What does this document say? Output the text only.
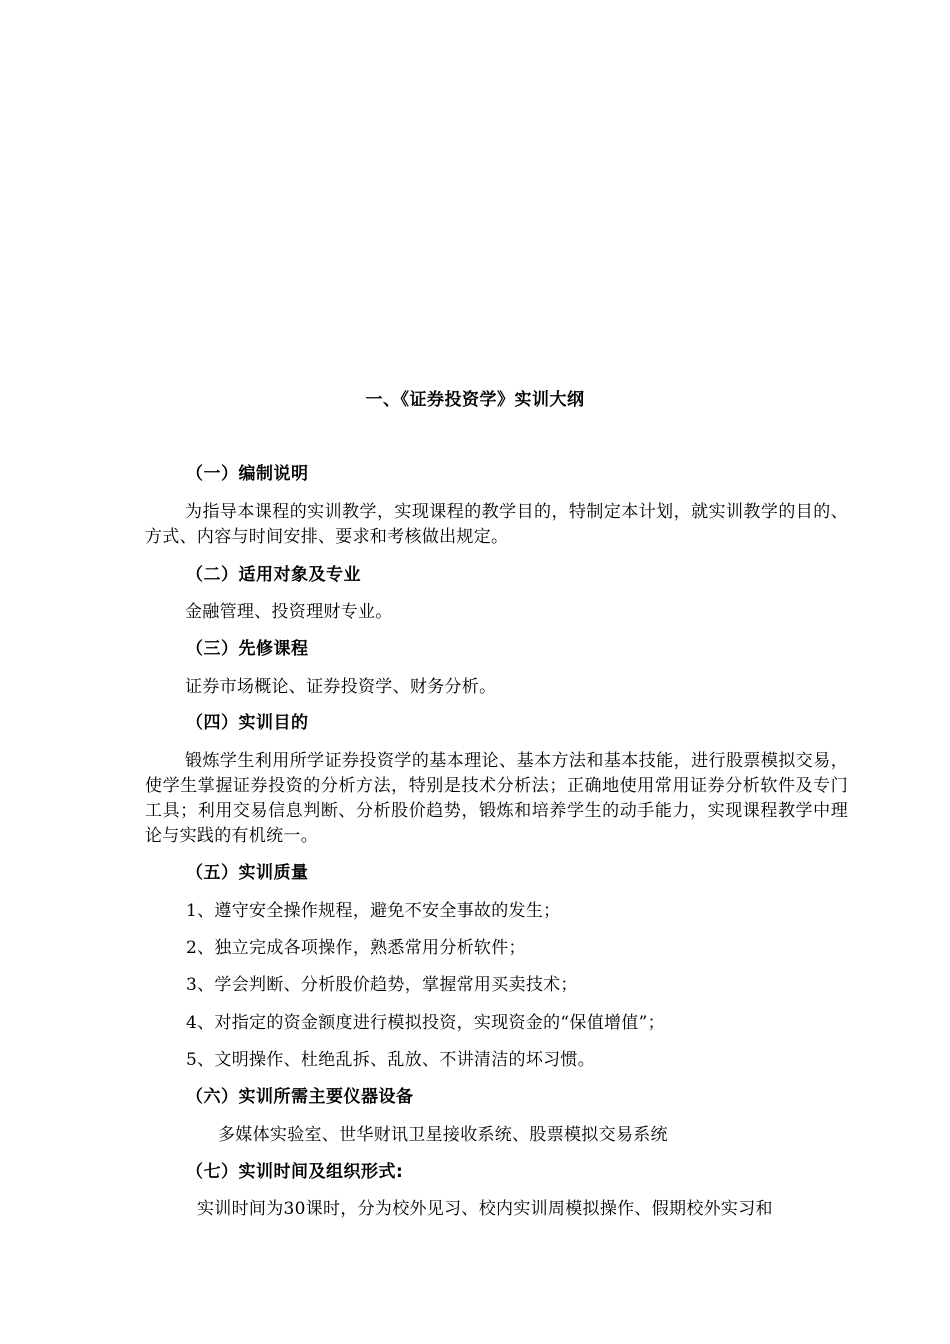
一、《证券投资学》实训大纲
（一）编制说明
为指导本课程的实训教学，实现课程的教学目的，特制定本计划，就实训教学的目的、方式、内容与时间安排、要求和考核做出规定。
（二）适用对象及专业
金融管理、投资理财专业。
（三）先修课程
证券市场概论、证券投资学、财务分析。
（四）实训目的
锻炼学生利用所学证券投资学的基本理论、基本方法和基本技能，进行股票模拟交易，使学生掌握证券投资的分析方法，特别是技术分析法；正确地使用常用证券分析软件及专门工具；利用交易信息判断、分析股价趋势，锻炼和培养学生的动手能力，实现课程教学中理论与实践的有机统一。
（五）实训质量
1、遵守安全操作规程，避免不安全事故的发生；
2、独立完成各项操作，熟悉常用分析软件；
3、学会判断、分析股价趋势，掌握常用买卖技术；
4、对指定的资金额度进行模拟投资，实现资金的“保值增值”；
5、文明操作、杜绝乱拆、乱放、不讲清洁的坏习惯。
（六）实训所需主要仪器设备
多媒体实验室、世华财讯卫星接收系统、股票模拟交易系统
（七）实训时间及组织形式:
实训时间为30课时，分为校外见习、校内实训周模拟操作、假期校外实习和
